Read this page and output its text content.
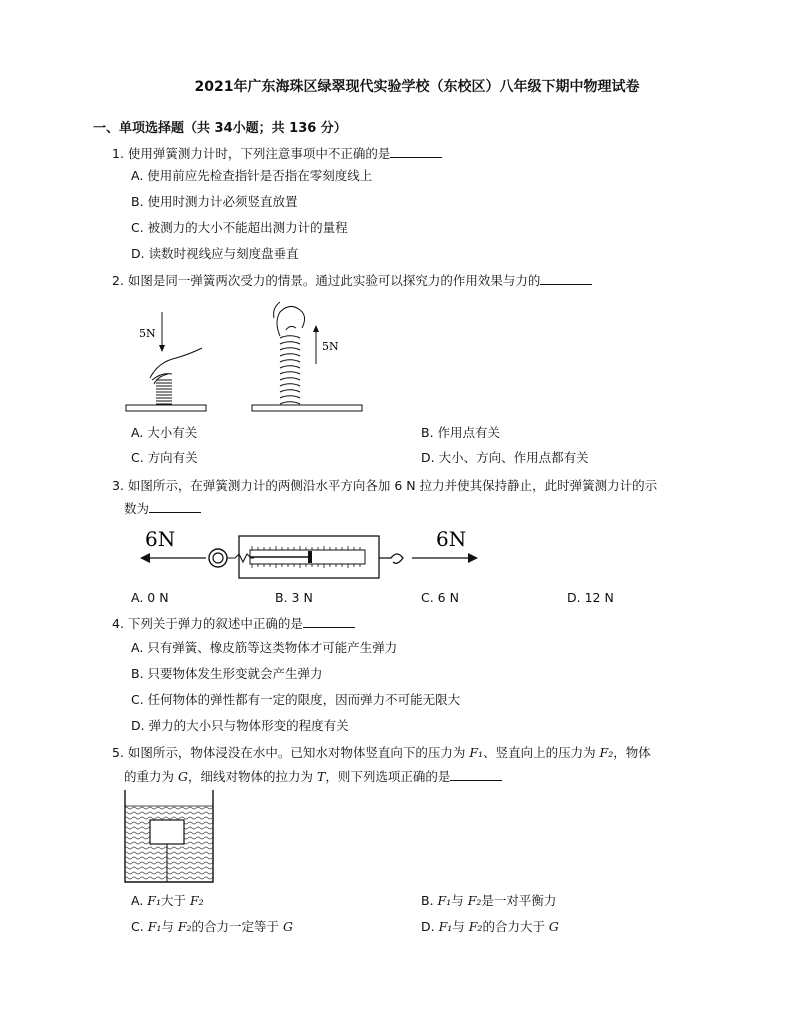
2021年广东海珠区绿翠现代实验学校（东校区）八年级下期中物理试卷
一、单项选择题（共 34小题；共 136 分）
1. 使用弹簧测力计时，下列注意事项中不正确的是
A. 使用前应先检查指针是否指在零刻度线上
B. 使用时测力计必须竖直放置
C. 被测力的大小不能超出测力计的量程
D. 读数时视线应与刻度盘垂直
2. 如图是同一弹簧两次受力的情景。通过此实验可以探究力的作用效果与力的
5N
5N
A. 大小有关	B. 作用点有关
C. 方向有关	D. 大小、方向、作用点都有关
3. 如图所示，在弹簧测力计的两侧沿水平方向各加 6 N 拉力并使其保持静止，此时弹簧测力计的示
数为
6N	6N
A. 0 N	B. 3 N	C. 6 N	D. 12 N
4. 下列关于弹力的叙述中正确的是
A. 只有弹簧、橡皮筋等这类物体才可能产生弹力
B. 只要物体发生形变就会产生弹力
C. 任何物体的弹性都有一定的限度，因而弹力不可能无限大
D. 弹力的大小只与物体形变的程度有关
5. 如图所示，物体浸没在水中。已知水对物体竖直向下的压力为 F₁、竖直向上的压力为 F₂，物体
的重力为 G，细线对物体的拉力为 T，则下列选项正确的是
A. F₁大于 F₂	B. F₁与 F₂是一对平衡力
C. F₁与 F₂的合力一定等于 G	D. F₁与 F₂的合力大于 G
